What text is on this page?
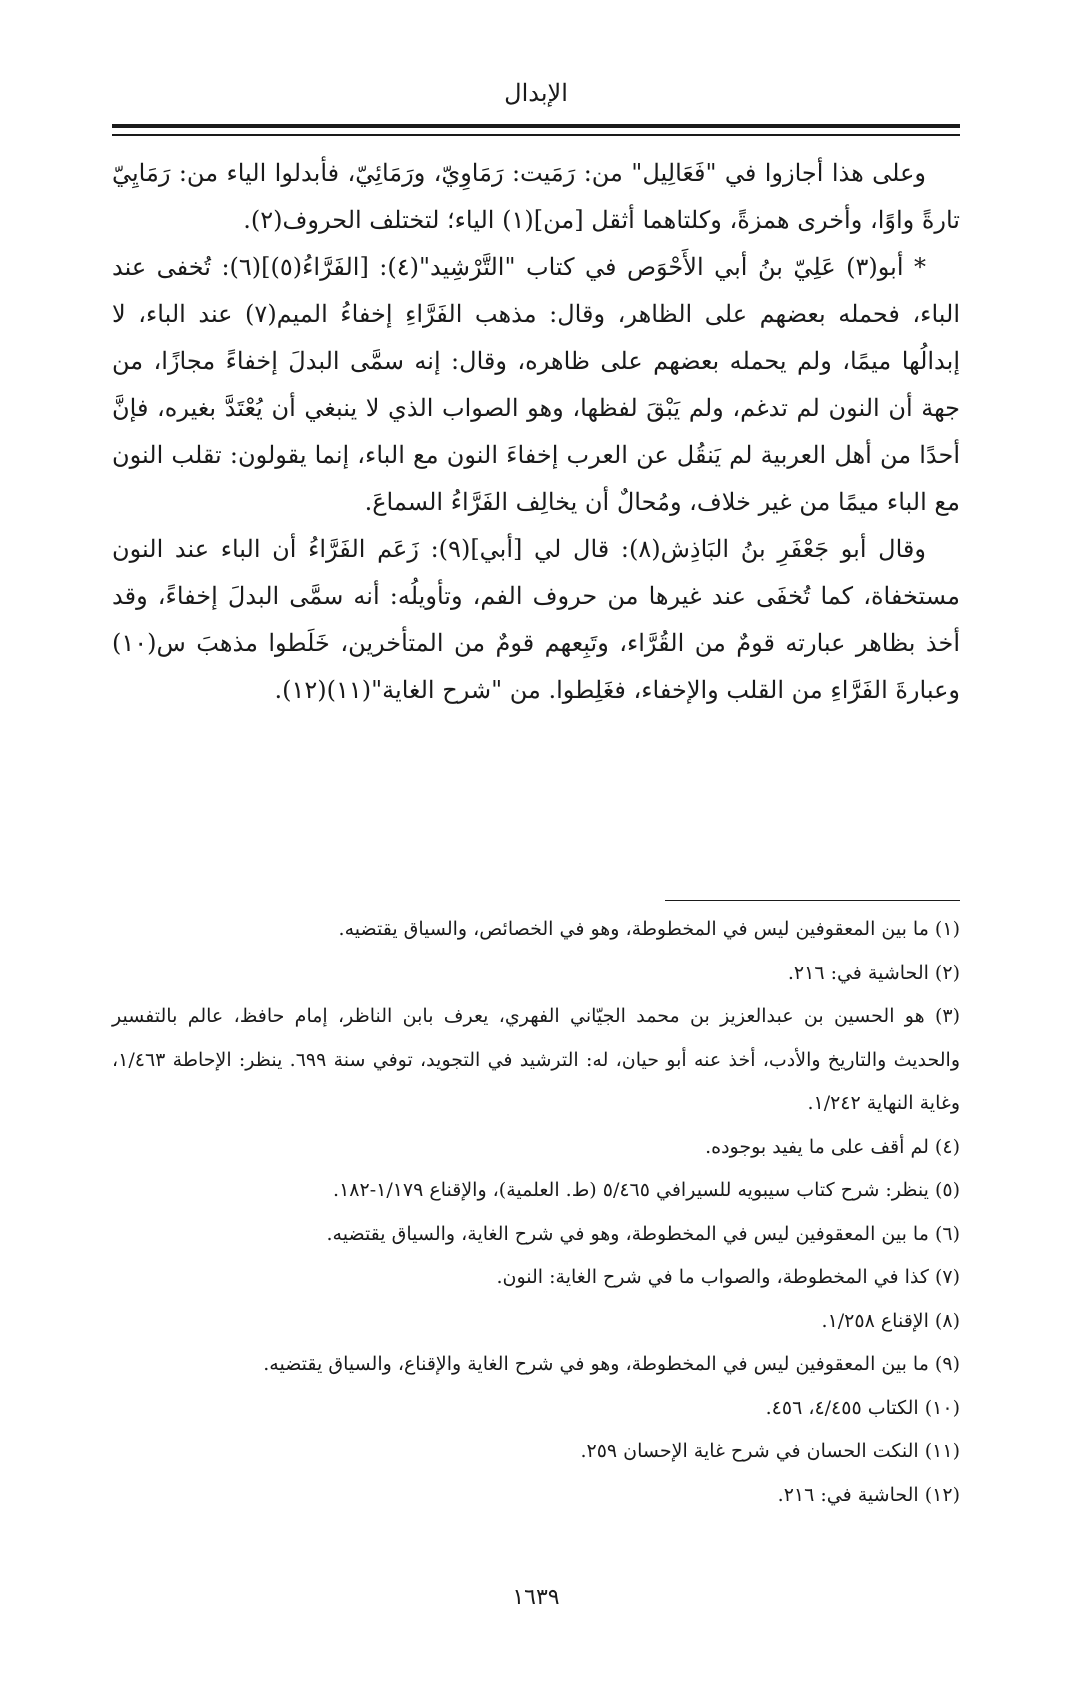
الإبدال

وعلى هذا أجازوا في "فَعَالِيل" من: رَمَيت: رَمَاوِيّ، ورَمَائِيّ، فأبدلوا الياء من: رَمَايِيّ تارةً واوًا، وأخرى همزةً، وكلتاهما أثقل [من](١) الياء؛ لتختلف الحروف(٢).

* أبو(٣) عَلِيّ بنُ أبي الأَحْوَص في كتاب "التَّرْشِيد"(٤): [الفَرَّاءُ(٥)](٦): تُخفى عند الباء، فحمله بعضهم على الظاهر، وقال: مذهب الفَرَّاءِ إخفاءُ الميم(٧) عند الباء، لا إبدالُها ميمًا، ولم يحمله بعضهم على ظاهره، وقال: إنه سمَّى البدلَ إخفاءً مجازًا، من جهة أن النون لم تدغم، ولم يَبْقَ لفظها، وهو الصواب الذي لا ينبغي أن يُعْتَدَّ بغيره، فإنَّ أحدًا من أهل العربية لم يَنقُل عن العرب إخفاءَ النون مع الباء، إنما يقولون: تقلب النون مع الباء ميمًا من غير خلاف، ومُحالٌ أن يخالِف الفَرَّاءُ السماعَ.

وقال أبو جَعْفَرِ بنُ البَاذِش(٨): قال لي [أبي](٩): زَعَم الفَرَّاءُ أن الباء عند النون مستخفاة، كما تُخفَى عند غيرها من حروف الفم، وتأويلُه: أنه سمَّى البدلَ إخفاءً، وقد أخذ بظاهر عبارته قومٌ من القُرَّاء، وتَبِعهم قومٌ من المتأخرين، خَلَطوا مذهبَ س(١٠) وعبارةَ الفَرَّاءِ من القلب والإخفاء، فغَلِطوا. من "شرح الغاية"(١١)(١٢).

(١) ما بين المعقوفين ليس في المخطوطة، وهو في الخصائص، والسياق يقتضيه.

(٢) الحاشية في: ٢١٦.

(٣) هو الحسين بن عبدالعزيز بن محمد الجيّاني الفهري، يعرف بابن الناظر، إمام حافظ، عالم بالتفسير والحديث والتاريخ والأدب، أخذ عنه أبو حيان، له: الترشيد في التجويد، توفي سنة ٦٩٩. ينظر: الإحاطة ١/٤٦٣، وغاية النهاية ١/٢٤٢.

(٤) لم أقف على ما يفيد بوجوده.

(٥) ينظر: شرح كتاب سيبويه للسيرافي ٥/٤٦٥ (ط. العلمية)، والإقناع ١/١٧٩-١٨٢.

(٦) ما بين المعقوفين ليس في المخطوطة، وهو في شرح الغاية، والسياق يقتضيه.

(٧) كذا في المخطوطة، والصواب ما في شرح الغاية: النون.

(٨) الإقناع ١/٢٥٨.

(٩) ما بين المعقوفين ليس في المخطوطة، وهو في شرح الغاية والإقناع، والسياق يقتضيه.

(١٠) الكتاب ٤/٤٥٥، ٤٥٦.

(١١) النكت الحسان في شرح غاية الإحسان ٢٥٩.

(١٢) الحاشية في: ٢١٦.

١٦٣٩
